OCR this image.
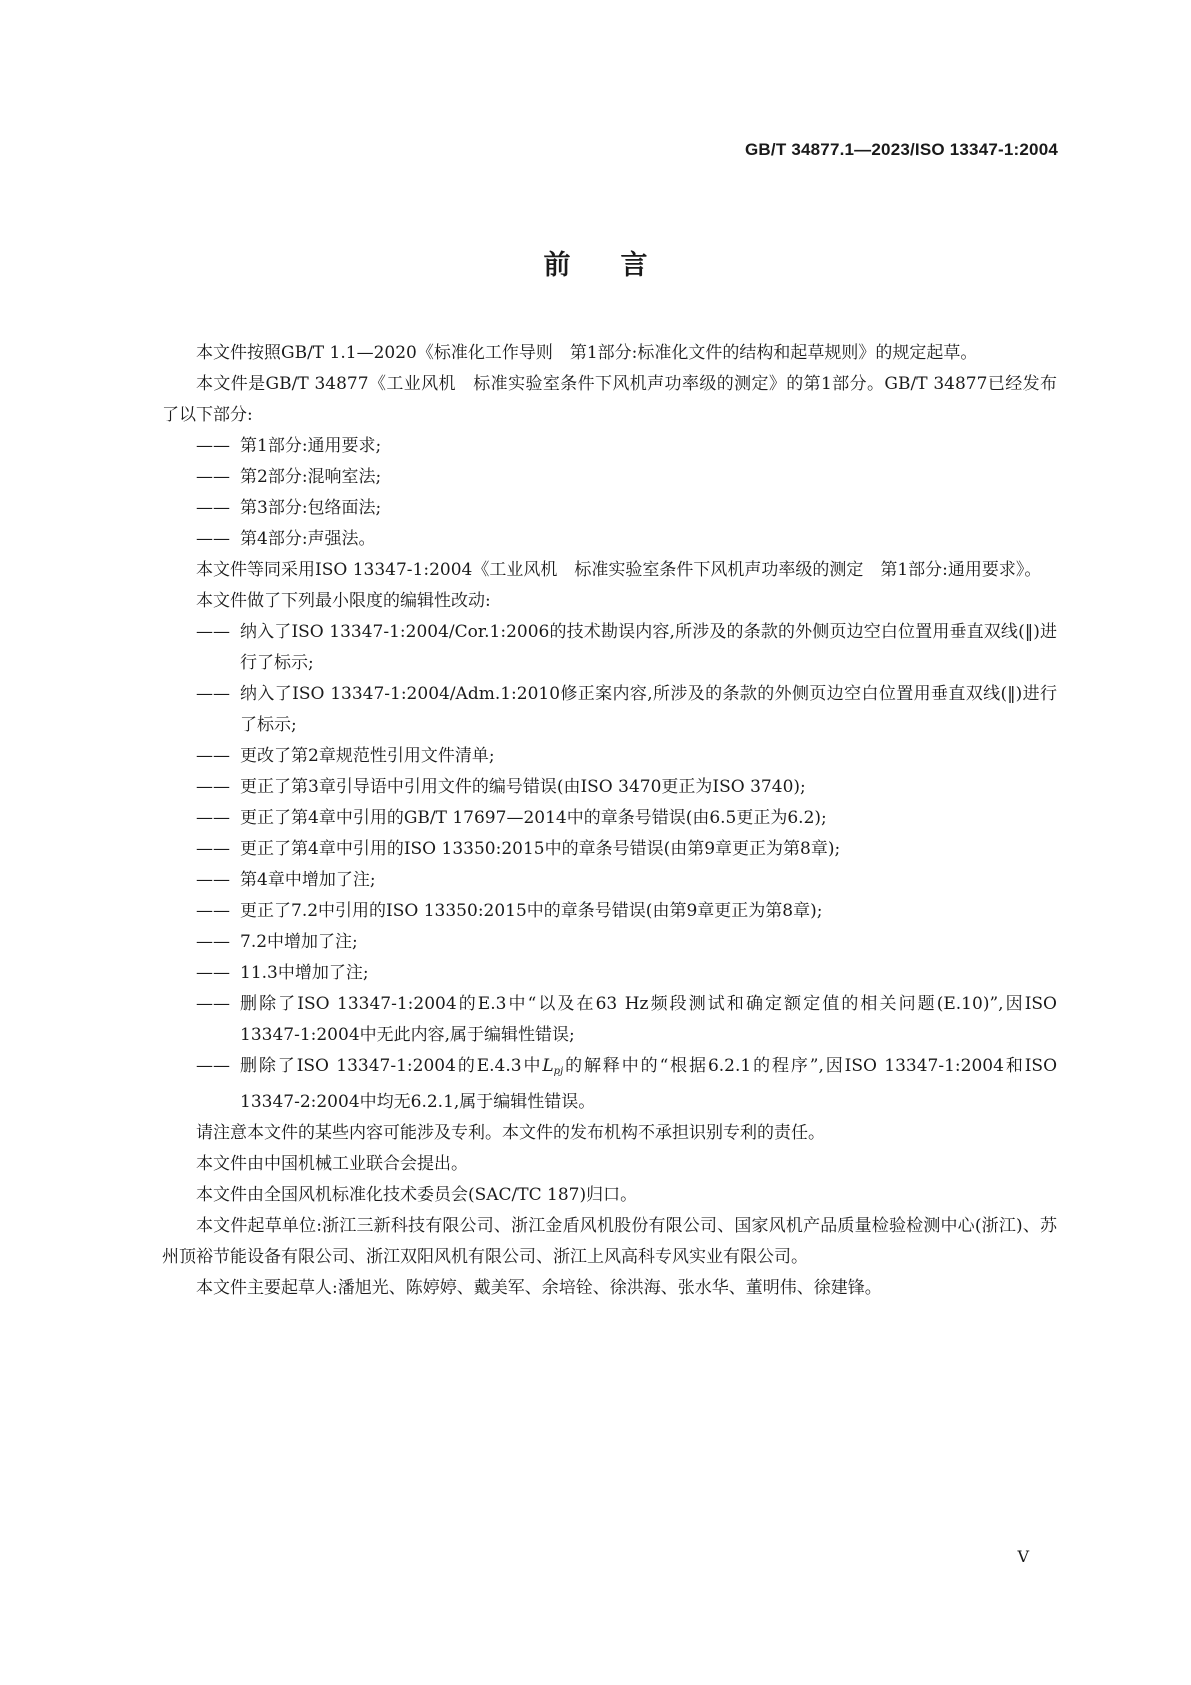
GB/T 34877.1—2023/ISO 13347-1:2004
前言

本文件按照GB/T 1.1—2020《标准化工作导则　第1部分:标准化文件的结构和起草规则》的规定起草。

本文件是GB/T 34877《工业风机　标准实验室条件下风机声功率级的测定》的第1部分。GB/T 34877已经发布了以下部分:

—— 第1部分:通用要求;

—— 第2部分:混响室法;

—— 第3部分:包络面法;

—— 第4部分:声强法。

本文件等同采用ISO 13347-1:2004《工业风机　标准实验室条件下风机声功率级的测定　第1部分:通用要求》。

本文件做了下列最小限度的编辑性改动:

—— 纳入了ISO 13347-1:2004/Cor.1:2006的技术勘误内容,所涉及的条款的外侧页边空白位置用垂直双线(‖)进行了标示;

—— 纳入了ISO 13347-1:2004/Adm.1:2010修正案内容,所涉及的条款的外侧页边空白位置用垂直双线(‖)进行了标示;

—— 更改了第2章规范性引用文件清单;

—— 更正了第3章引导语中引用文件的编号错误(由ISO 3470更正为ISO 3740);

—— 更正了第4章中引用的GB/T 17697—2014中的章条号错误(由6.5更正为6.2);

—— 更正了第4章中引用的ISO 13350:2015中的章条号错误(由第9章更正为第8章);

—— 第4章中增加了注;

—— 更正了7.2中引用的ISO 13350:2015中的章条号错误(由第9章更正为第8章);

—— 7.2中增加了注;

—— 11.3中增加了注;

—— 删除了ISO 13347-1:2004的E.3中“以及在63 Hz频段测试和确定额定值的相关问题(E.10)”,因ISO 13347-1:2004中无此内容,属于编辑性错误;

—— 删除了ISO 13347-1:2004的E.4.3中$L_{pj}$的解释中的“根据6.2.1的程序”,因ISO 13347-1:2004和ISO 13347-2:2004中均无6.2.1,属于编辑性错误。

请注意本文件的某些内容可能涉及专利。本文件的发布机构不承担识别专利的责任。

本文件由中国机械工业联合会提出。

本文件由全国风机标准化技术委员会(SAC/TC 187)归口。

本文件起草单位:浙江三新科技有限公司、浙江金盾风机股份有限公司、国家风机产品质量检验检测中心(浙江)、苏州顶裕节能设备有限公司、浙江双阳风机有限公司、浙江上风高科专风实业有限公司。

本文件主要起草人:潘旭光、陈婷婷、戴美军、余培铨、徐洪海、张水华、董明伟、徐建锋。

V
